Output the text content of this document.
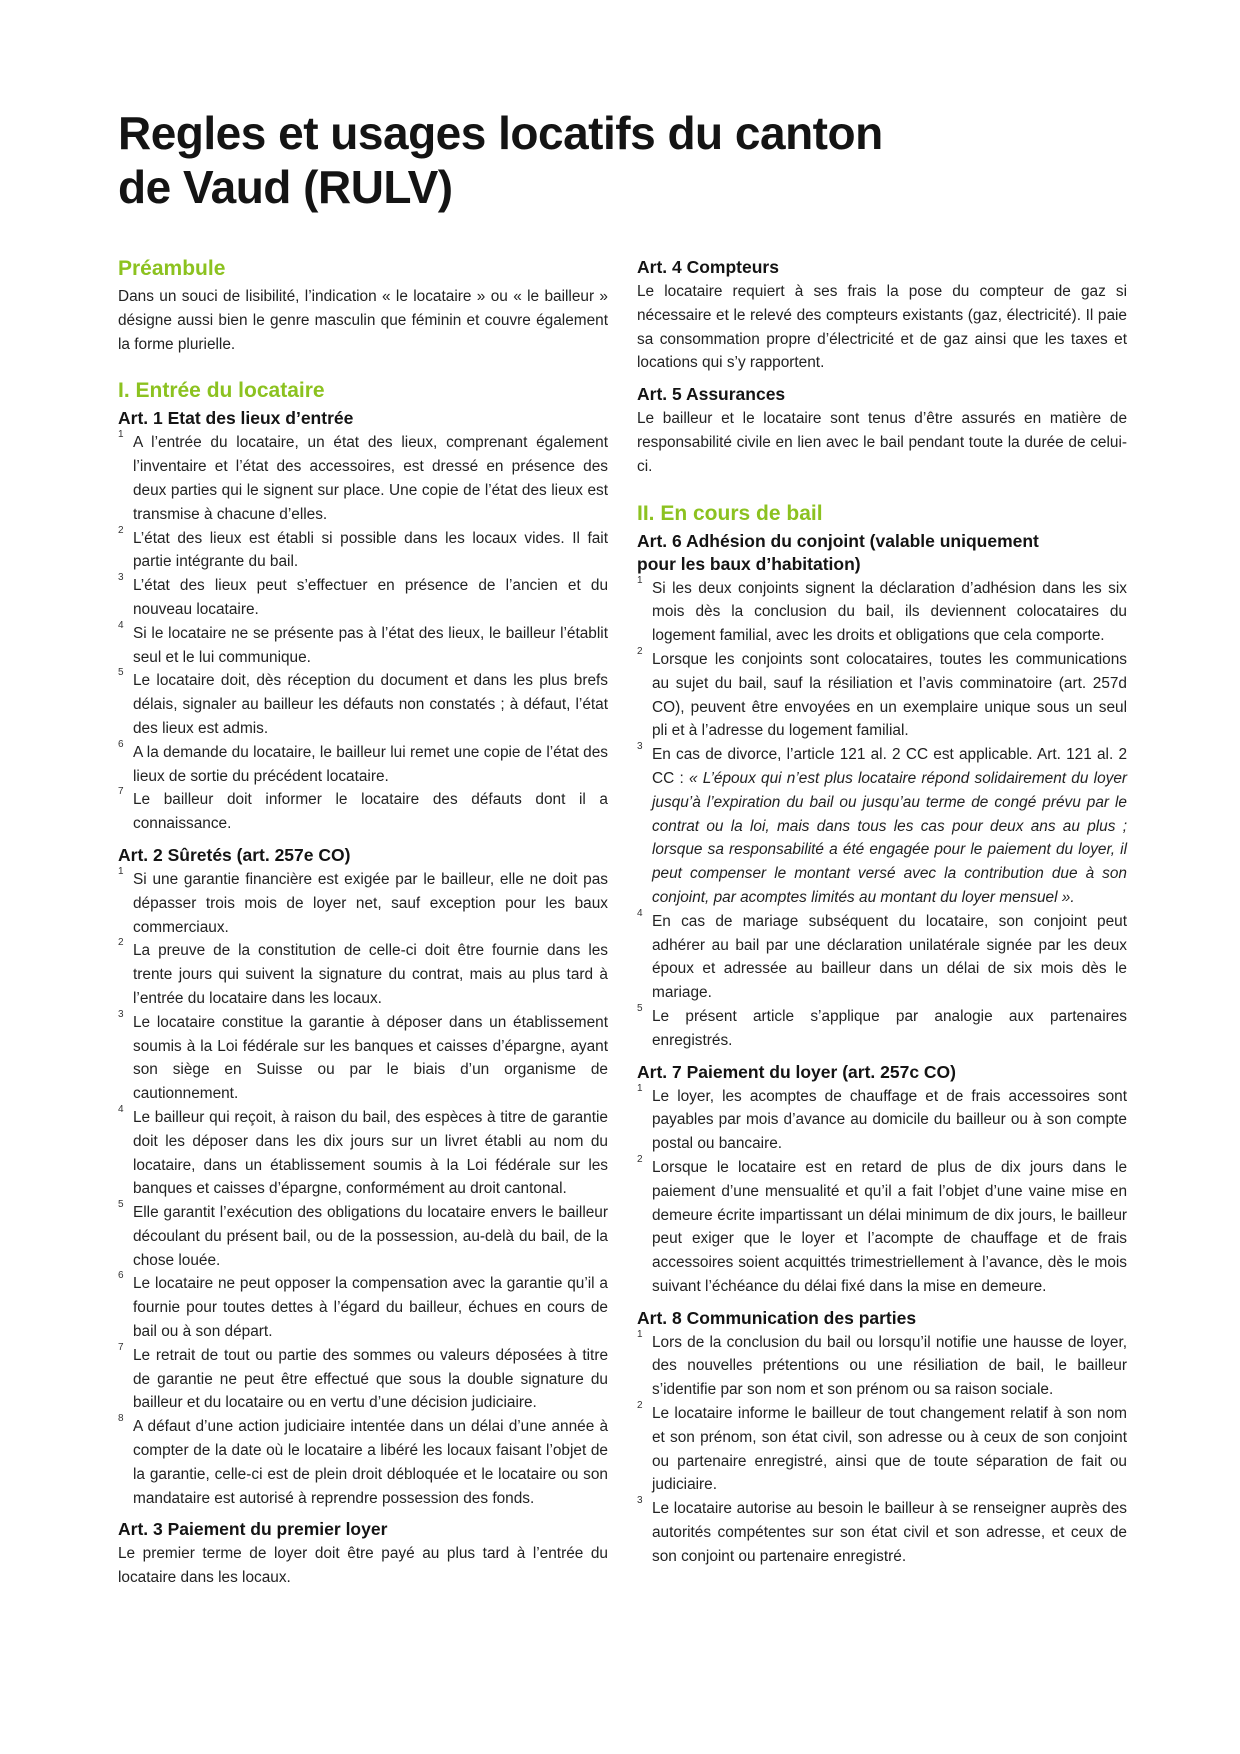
Regles et usages locatifs du canton
de Vaud (RULV)
Préambule

Dans un souci de lisibilité, l’indication « le locataire » ou « le bailleur » désigne aussi bien le genre masculin que féminin et couvre également la forme plurielle.

I. Entrée du locataire
Art. 1 Etat des lieux d’entrée
1 A l’entrée du locataire, un état des lieux, comprenant également l’inventaire et l’état des accessoires, est dressé en présence des deux parties qui le signent sur place. Une copie de l’état des lieux est transmise à chacune d’elles.
2 L’état des lieux est établi si possible dans les locaux vides. Il fait partie intégrante du bail.
3 L’état des lieux peut s’effectuer en présence de l’ancien et du nouveau locataire.
4 Si le locataire ne se présente pas à l’état des lieux, le bailleur l’établit seul et le lui communique.
5 Le locataire doit, dès réception du document et dans les plus brefs délais, signaler au bailleur les défauts non constatés ; à défaut, l’état des lieux est admis.
6 A la demande du locataire, le bailleur lui remet une copie de l’état des lieux de sortie du précédent locataire.
7 Le bailleur doit informer le locataire des défauts dont il a connaissance.
Art. 2 Sûretés (art. 257e CO)
1 Si une garantie financière est exigée par le bailleur, elle ne doit pas dépasser trois mois de loyer net, sauf exception pour les baux commerciaux.
2 La preuve de la constitution de celle-ci doit être fournie dans les trente jours qui suivent la signature du contrat, mais au plus tard à l’entrée du locataire dans les locaux.
3 Le locataire constitue la garantie à déposer dans un établissement soumis à la Loi fédérale sur les banques et caisses d’épargne, ayant son siège en Suisse ou par le biais d’un organisme de cautionnement.
4 Le bailleur qui reçoit, à raison du bail, des espèces à titre de garantie doit les déposer dans les dix jours sur un livret établi au nom du locataire, dans un établissement soumis à la Loi fédérale sur les banques et caisses d’épargne, conformément au droit cantonal.
5 Elle garantit l’exécution des obligations du locataire envers le bailleur découlant du présent bail, ou de la possession, au-delà du bail, de la chose louée.
6 Le locataire ne peut opposer la compensation avec la garantie qu’il a fournie pour toutes dettes à l’égard du bailleur, échues en cours de bail ou à son départ.
7 Le retrait de tout ou partie des sommes ou valeurs déposées à titre de garantie ne peut être effectué que sous la double signature du bailleur et du locataire ou en vertu d’une décision judiciaire.
8 A défaut d’une action judiciaire intentée dans un délai d’une année à compter de la date où le locataire a libéré les locaux faisant l’objet de la garantie, celle-ci est de plein droit débloquée et le locataire ou son mandataire est autorisé à reprendre possession des fonds.
Art. 3 Paiement du premier loyer

Le premier terme de loyer doit être payé au plus tard à l’entrée du locataire dans les locaux.

Art. 4 Compteurs

Le locataire requiert à ses frais la pose du compteur de gaz si nécessaire et le relevé des compteurs existants (gaz, électricité). Il paie sa consommation propre d’électricité et de gaz ainsi que les taxes et locations qui s’y rapportent.

Art. 5 Assurances

Le bailleur et le locataire sont tenus d’être assurés en matière de responsabilité civile en lien avec le bail pendant toute la durée de celui-ci.

II. En cours de bail
Art. 6 Adhésion du conjoint (valable uniquement
pour les baux d’habitation)
1 Si les deux conjoints signent la déclaration d’adhésion dans les six mois dès la conclusion du bail, ils deviennent colocataires du logement familial, avec les droits et obligations que cela comporte.
2 Lorsque les conjoints sont colocataires, toutes les communications au sujet du bail, sauf la résiliation et l’avis comminatoire (art. 257d CO), peuvent être envoyées en un exemplaire unique sous un seul pli et à l’adresse du logement familial.
3 En cas de divorce, l’article 121 al. 2 CC est applicable. Art. 121 al. 2 CC : « L’époux qui n’est plus locataire répond solidairement du loyer jusqu’à l’expiration du bail ou jusqu’au terme de congé prévu par le contrat ou la loi, mais dans tous les cas pour deux ans au plus ; lorsque sa responsabilité a été engagée pour le paiement du loyer, il peut compenser le montant versé avec la contribution due à son conjoint, par acomptes limités au montant du loyer mensuel ».
4 En cas de mariage subséquent du locataire, son conjoint peut adhérer au bail par une déclaration unilatérale signée par les deux époux et adressée au bailleur dans un délai de six mois dès le mariage.
5 Le présent article s’applique par analogie aux partenaires enregistrés.
Art. 7 Paiement du loyer (art. 257c CO)
1 Le loyer, les acomptes de chauffage et de frais accessoires sont payables par mois d’avance au domicile du bailleur ou à son compte postal ou bancaire.
2 Lorsque le locataire est en retard de plus de dix jours dans le paiement d’une mensualité et qu’il a fait l’objet d’une vaine mise en demeure écrite impartissant un délai minimum de dix jours, le bailleur peut exiger que le loyer et l’acompte de chauffage et de frais accessoires soient acquittés trimestriellement à l’avance, dès le mois suivant l’échéance du délai fixé dans la mise en demeure.
Art. 8 Communication des parties
1 Lors de la conclusion du bail ou lorsqu’il notifie une hausse de loyer, des nouvelles prétentions ou une résiliation de bail, le bailleur s’identifie par son nom et son prénom ou sa raison sociale.
2 Le locataire informe le bailleur de tout changement relatif à son nom et son prénom, son état civil, son adresse ou à ceux de son conjoint ou partenaire enregistré, ainsi que de toute séparation de fait ou judiciaire.
3 Le locataire autorise au besoin le bailleur à se renseigner auprès des autorités compétentes sur son état civil et son adresse, et ceux de son conjoint ou partenaire enregistré.
